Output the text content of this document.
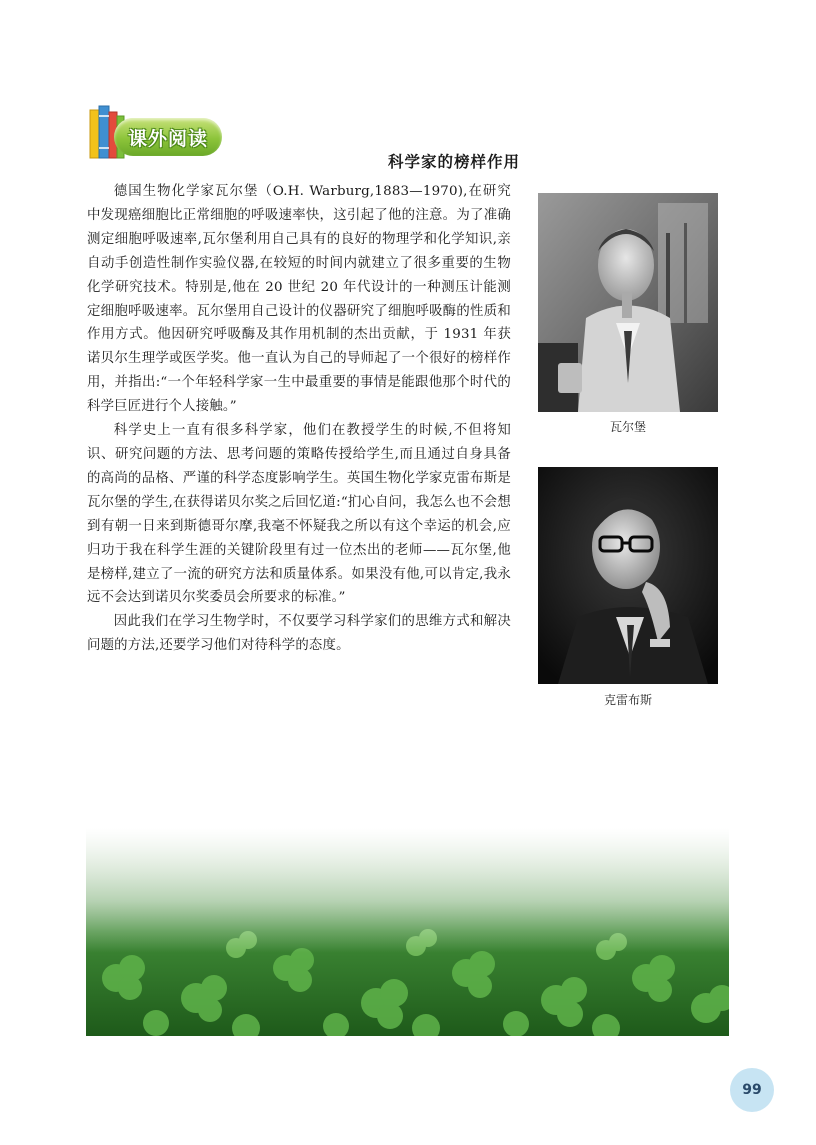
课外阅读
科学家的榜样作用

德国生物化学家瓦尔堡（O.H. Warburg,1883—1970),在研究中发现癌细胞比正常细胞的呼吸速率快，这引起了他的注意。为了准确测定细胞呼吸速率,瓦尔堡利用自己具有的良好的物理学和化学知识,亲自动手创造性制作实验仪器,在较短的时间内就建立了很多重要的生物化学研究技术。特别是,他在 20 世纪 20 年代设计的一种测压计能测定细胞呼吸速率。瓦尔堡用自己设计的仪器研究了细胞呼吸酶的性质和作用方式。他因研究呼吸酶及其作用机制的杰出贡献，于 1931 年获诺贝尔生理学或医学奖。他一直认为自己的导师起了一个很好的榜样作用，并指出:“一个年轻科学家一生中最重要的事情是能跟他那个时代的科学巨匠进行个人接触。”

科学史上一直有很多科学家，他们在教授学生的时候,不但将知识、研究问题的方法、思考问题的策略传授给学生,而且通过自身具备的高尚的品格、严谨的科学态度影响学生。英国生物化学家克雷布斯是瓦尔堡的学生,在获得诺贝尔奖之后回忆道:“扪心自问，我怎么也不会想到有朝一日来到斯德哥尔摩,我毫不怀疑我之所以有这个幸运的机会,应归功于我在科学生涯的关键阶段里有过一位杰出的老师——瓦尔堡,他是榜样,建立了一流的研究方法和质量体系。如果没有他,可以肯定,我永远不会达到诺贝尔奖委员会所要求的标准。”

因此我们在学习生物学时，不仅要学习科学家们的思维方式和解决问题的方法,还要学习他们对待科学的态度。

瓦尔堡
克雷布斯
99
